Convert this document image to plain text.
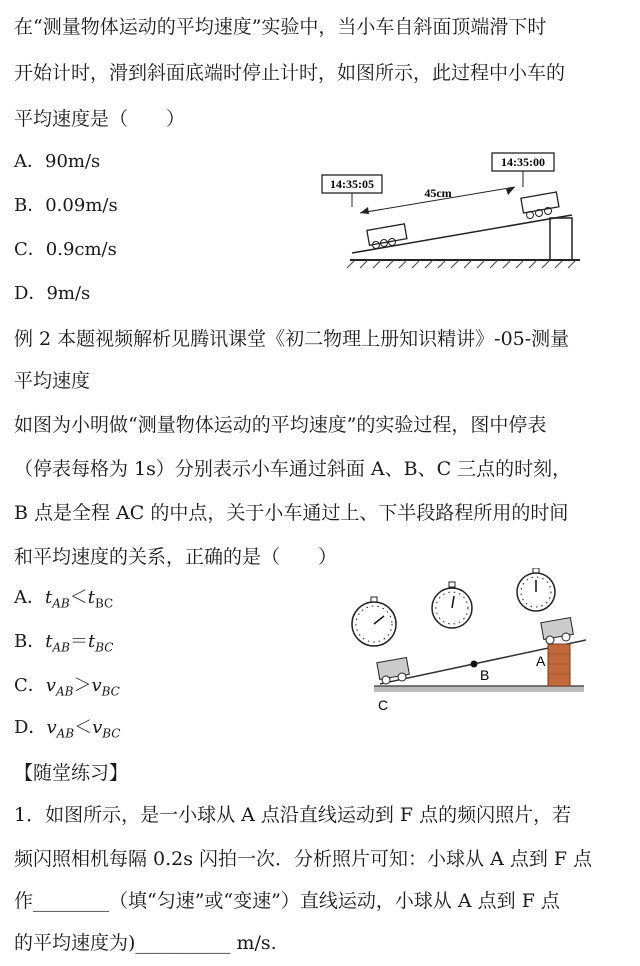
在“测量物体运动的平均速度”实验中，当小车自斜面顶端滑下时
开始计时，滑到斜面底端时停止计时，如图所示，此过程中小车的
平均速度是（　　）
A．90m/s
B．0.09m/s
C．0.9cm/s
D．9m/s
14:35:05
14:35:00
45cm
例 2 本题视频解析见腾讯课堂《初二物理上册知识精讲》-05-测量
平均速度
如图为小明做“测量物体运动的平均速度”的实验过程，图中停表
（停表每格为 1s）分别表示小车通过斜面 A、B、C 三点的时刻，
B 点是全程 AC 的中点，关于小车通过上、下半段路程所用的时间
和平均速度的关系，正确的是（　　）
A．$t_{AB}<t_{BC}$
B．$t_{AB}=t_{BC}$
C．$v_{AB}>v_{BC}$
D．$v_{AB}<v_{BC}$
B
A
C
【随堂练习】
1．如图所示，是一小球从 A 点沿直线运动到 F 点的频闪照片，若
频闪照相机每隔 0.2s 闪拍一次．分析照片可知：小球从 A 点到 F 点
作________（填“匀速”或“变速”）直线运动，小球从 A 点到 F 点
的平均速度为)__________ m/s.
